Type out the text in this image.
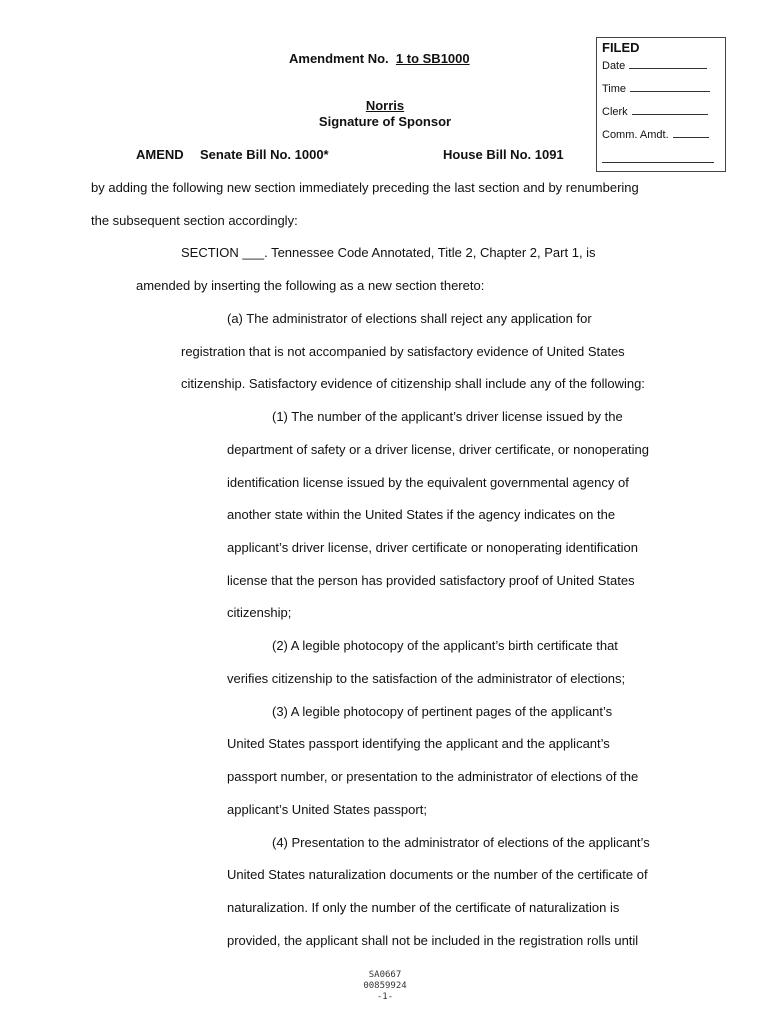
FILED
Date
Time
Clerk
Comm. Amdt.
Amendment No. 1 to SB1000
Norris
Signature of Sponsor
AMEND Senate Bill No. 1000*	House Bill No. 1091
by adding the following new section immediately preceding the last section and by renumbering
the subsequent section accordingly:
SECTION ___. Tennessee Code Annotated, Title 2, Chapter 2, Part 1, is
amended by inserting the following as a new section thereto:
(a) The administrator of elections shall reject any application for
registration that is not accompanied by satisfactory evidence of United States
citizenship. Satisfactory evidence of citizenship shall include any of the following:
(1) The number of the applicant’s driver license issued by the
department of safety or a driver license, driver certificate, or nonoperating
identification license issued by the equivalent governmental agency of
another state within the United States if the agency indicates on the
applicant’s driver license, driver certificate or nonoperating identification
license that the person has provided satisfactory proof of United States
citizenship;
(2) A legible photocopy of the applicant’s birth certificate that
verifies citizenship to the satisfaction of the administrator of elections;
(3) A legible photocopy of pertinent pages of the applicant’s
United States passport identifying the applicant and the applicant’s
passport number, or presentation to the administrator of elections of the
applicant’s United States passport;
(4) Presentation to the administrator of elections of the applicant’s
United States naturalization documents or the number of the certificate of
naturalization. If only the number of the certificate of naturalization is
provided, the applicant shall not be included in the registration rolls until
SA0667
00859924
-1-
